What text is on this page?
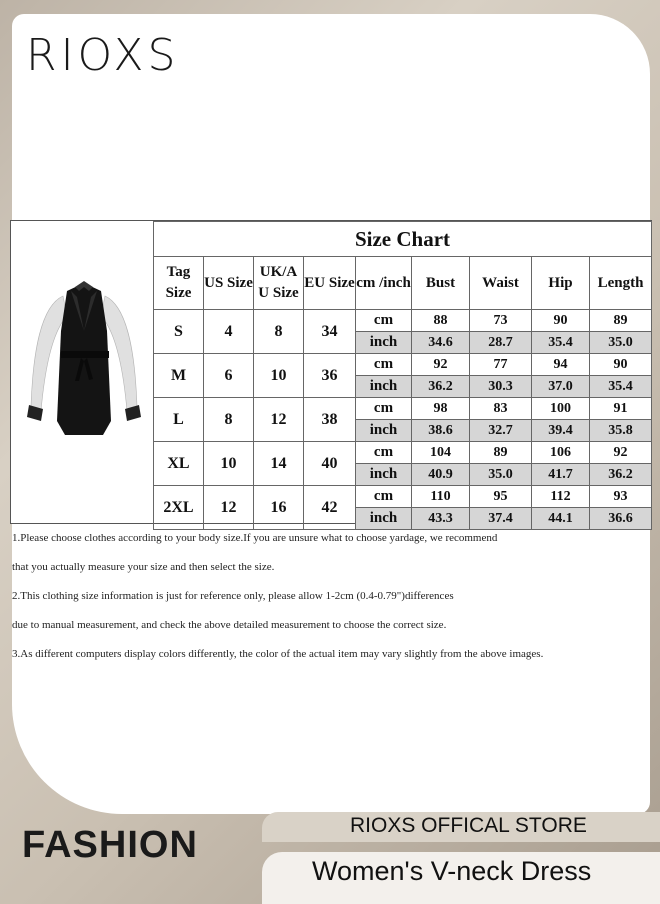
RIOXS
Size Chart								
Tag Size	US Size	UK/A U Size	EU Size	cm /inch	Bust	Waist	Hip	Length
S	4	8	34	cm	88	73	90	89
				inch	34.6	28.7	35.4	35.0
M	6	10	36	cm	92	77	94	90
				inch	36.2	30.3	37.0	35.4
L	8	12	38	cm	98	83	100	91
				inch	38.6	32.7	39.4	35.8
XL	10	14	40	cm	104	89	106	92
				inch	40.9	35.0	41.7	36.2
2XL	12	16	42	cm	110	95	112	93
				inch	43.3	37.4	44.1	36.6

1.Please choose clothes according to your body size.If you are unsure what to choose yardage, we recommend

that you actually measure your size and then select the size.

2.This clothing size information is just for reference only, please allow 1-2cm (0.4-0.79")differences

due to manual measurement, and check the above detailed measurement to choose the correct size.

3.As different computers display colors differently, the color of the actual item may vary slightly from the above images.

FASHION	RIOXS OFFICAL STORE
Women's V-neck Dress
